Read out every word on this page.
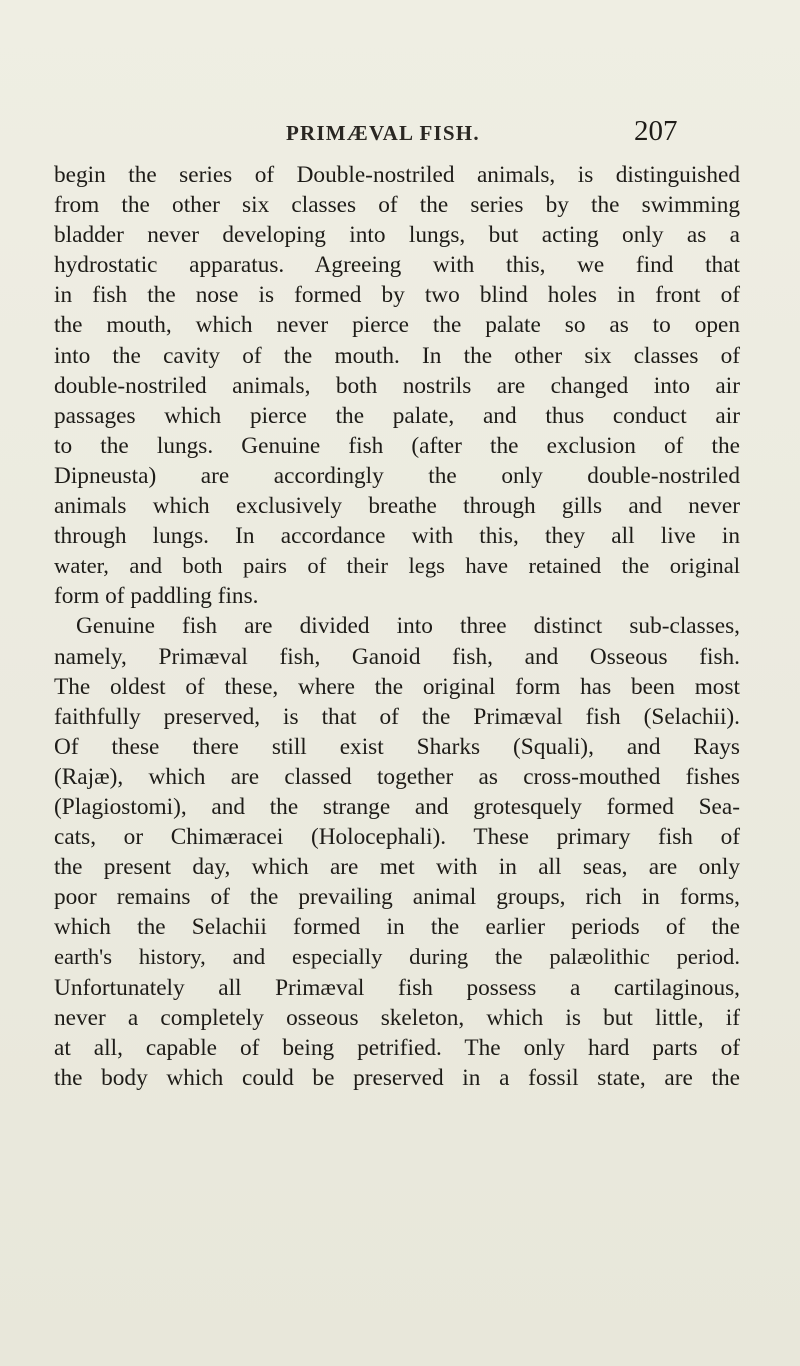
PRIMÆVAL FISH.	207
begin the series of Double-nostriled animals, is distinguished
from the other six classes of the series by the swimming
bladder never developing into lungs, but acting only as a
hydrostatic apparatus. Agreeing with this, we find that
in fish the nose is formed by two blind holes in front of
the mouth, which never pierce the palate so as to open
into the cavity of the mouth. In the other six classes of
double-nostriled animals, both nostrils are changed into air
passages which pierce the palate, and thus conduct air
to the lungs. Genuine fish (after the exclusion of the
Dipneusta) are accordingly the only double-nostriled
animals which exclusively breathe through gills and never
through lungs. In accordance with this, they all live in
water, and both pairs of their legs have retained the original
form of paddling fins.
Genuine fish are divided into three distinct sub-classes,
namely, Primæval fish, Ganoid fish, and Osseous fish.
The oldest of these, where the original form has been most
faithfully preserved, is that of the Primæval fish (Selachii).
Of these there still exist Sharks (Squali), and Rays
(Rajæ), which are classed together as cross-mouthed fishes
(Plagiostomi), and the strange and grotesquely formed Sea-
cats, or Chimæracei (Holocephali). These primary fish of
the present day, which are met with in all seas, are only
poor remains of the prevailing animal groups, rich in forms,
which the Selachii formed in the earlier periods of the
earth's history, and especially during the palæolithic period.
Unfortunately all Primæval fish possess a cartilaginous,
never a completely osseous skeleton, which is but little, if
at all, capable of being petrified. The only hard parts of
the body which could be preserved in a fossil state, are the
